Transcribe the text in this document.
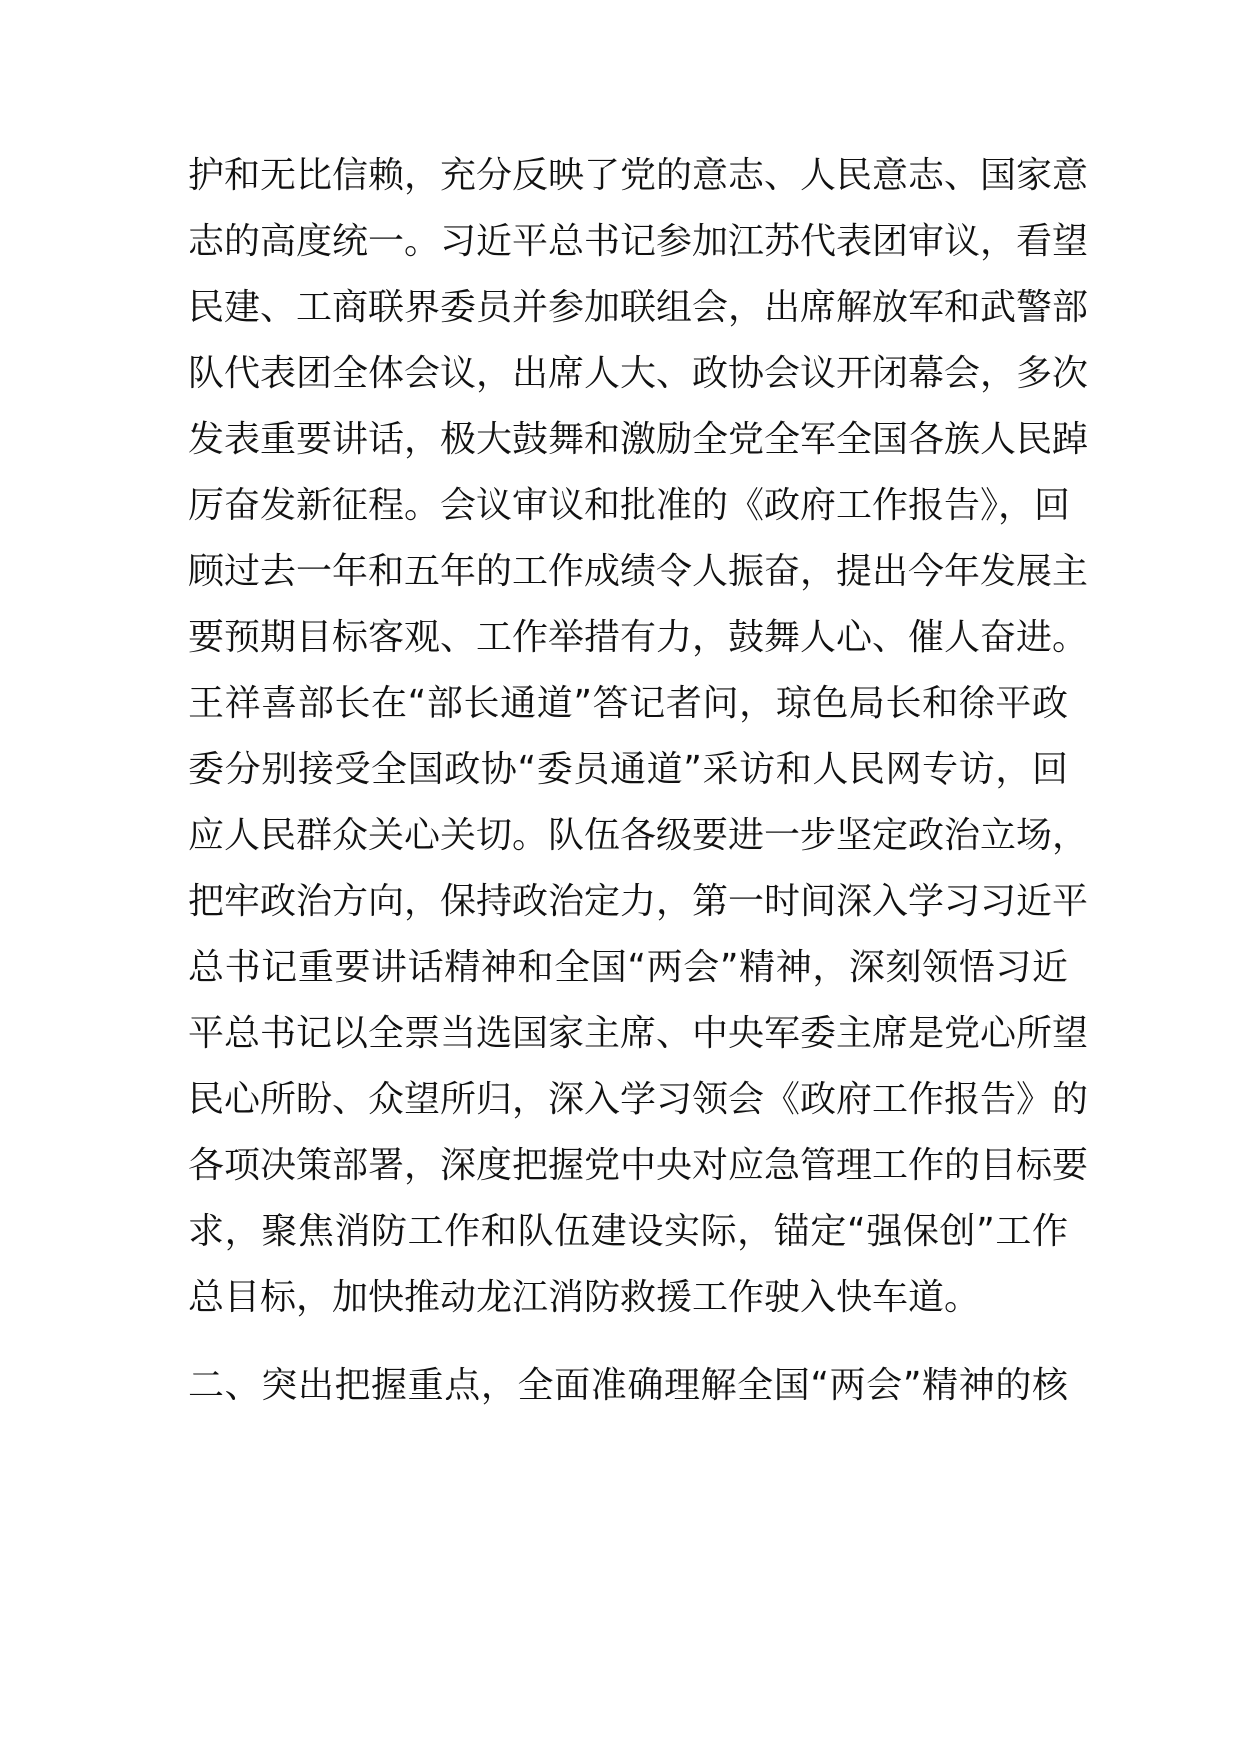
护和无比信赖，充分反映了党的意志、人民意志、国家意
志的高度统一。习近平总书记参加江苏代表团审议，看望
民建、工商联界委员并参加联组会，出席解放军和武警部
队代表团全体会议，出席人大、政协会议开闭幕会，多次
发表重要讲话，极大鼓舞和激励全党全军全国各族人民踔
厉奋发新征程。会议审议和批准的《政府工作报告》，回
顾过去一年和五年的工作成绩令人振奋，提出今年发展主
要预期目标客观、工作举措有力，鼓舞人心、催人奋进。
王祥喜部长在“部长通道”答记者问，琼色局长和徐平政
委分别接受全国政协“委员通道”采访和人民网专访，回
应人民群众关心关切。队伍各级要进一步坚定政治立场，
把牢政治方向，保持政治定力，第一时间深入学习习近平
总书记重要讲话精神和全国“两会”精神，深刻领悟习近
平总书记以全票当选国家主席、中央军委主席是党心所望
民心所盼、众望所归，深入学习领会《政府工作报告》的
各项决策部署，深度把握党中央对应急管理工作的目标要
求，聚焦消防工作和队伍建设实际，锚定“强保创”工作
总目标，加快推动龙江消防救援工作驶入快车道。
二、突出把握重点，全面准确理解全国“两会”精神的核
